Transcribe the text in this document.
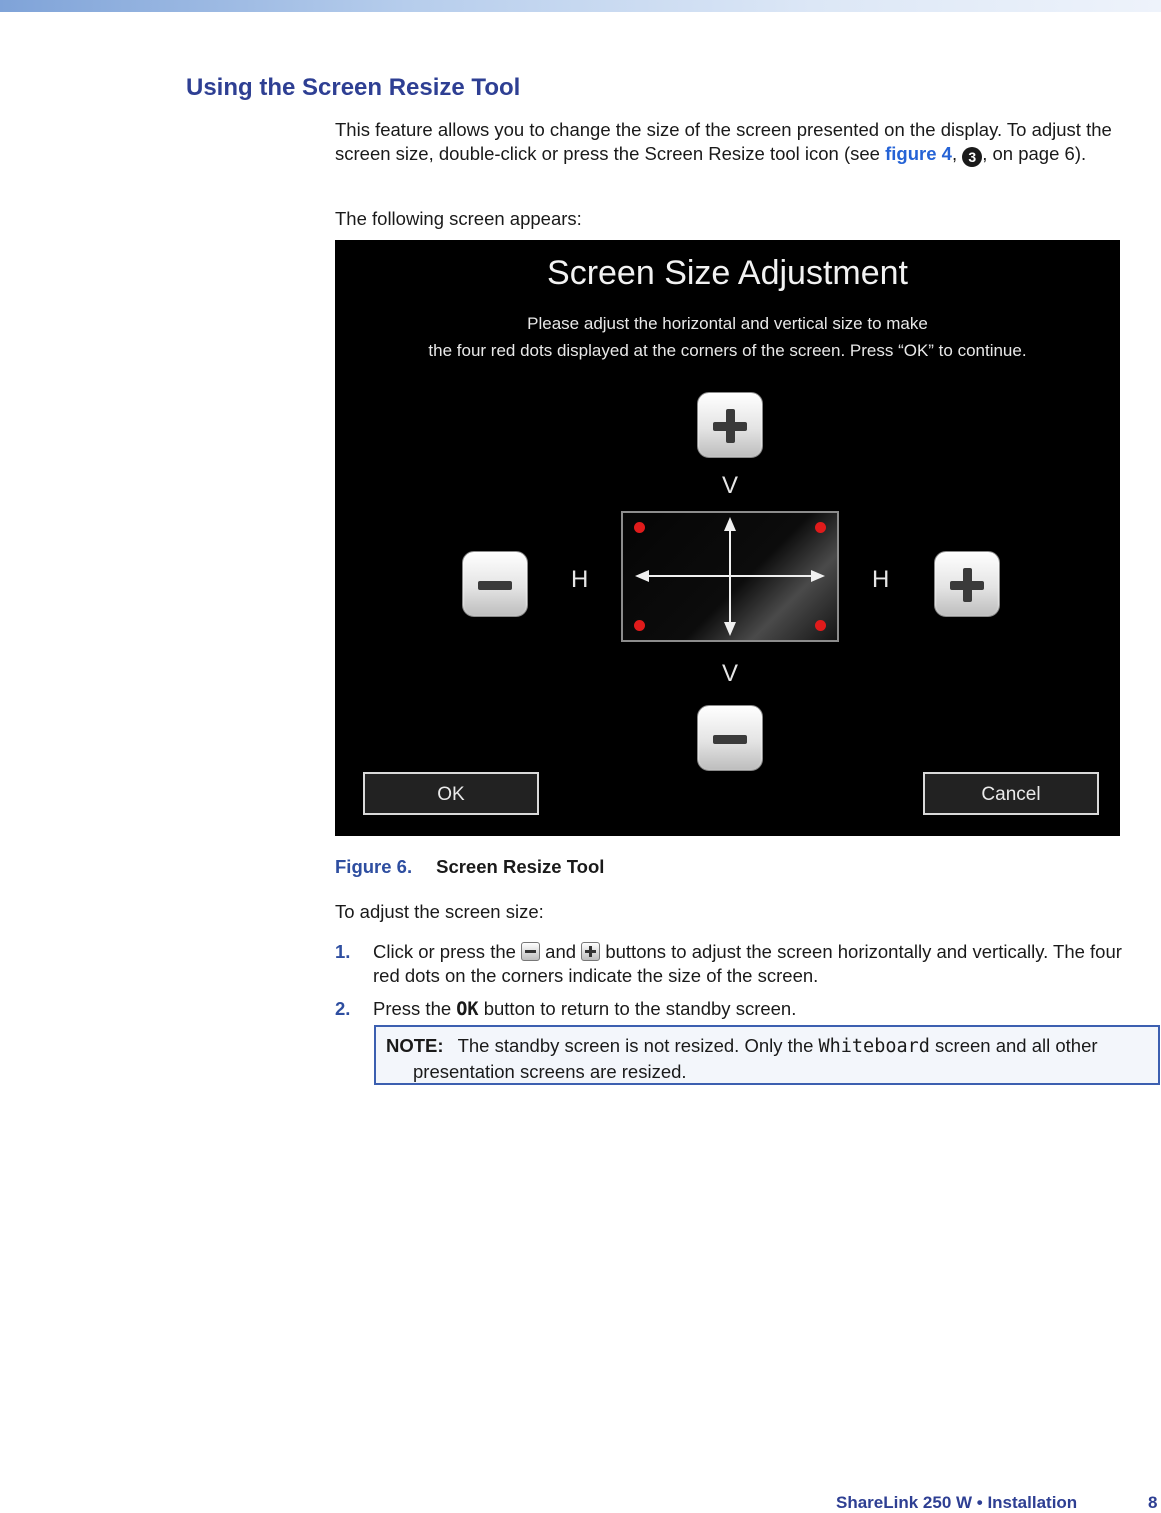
Using the Screen Resize Tool

This feature allows you to change the size of the screen presented on the display. To adjust the screen size, double-click or press the Screen Resize tool icon (see figure 4, 3 , on page 6).

The following screen appears:

Screen Size Adjustment
Please adjust the horizontal and vertical size to make
the four red dots displayed at the corners of the screen. Press “OK” to continue.
V
H	H
V
OK	Cancel
Figure 6. Screen Resize Tool

To adjust the screen size:

1. Click or press the
and
buttons to adjust the screen horizontally and vertically. The four red dots on the corners indicate the size of the screen.
2. Press the OK button to return to the standby screen.
NOTE: The standby screen is not resized. Only the Whiteboard screen and all other presentation screens are resized.
ShareLink 250 W • Installation	8
